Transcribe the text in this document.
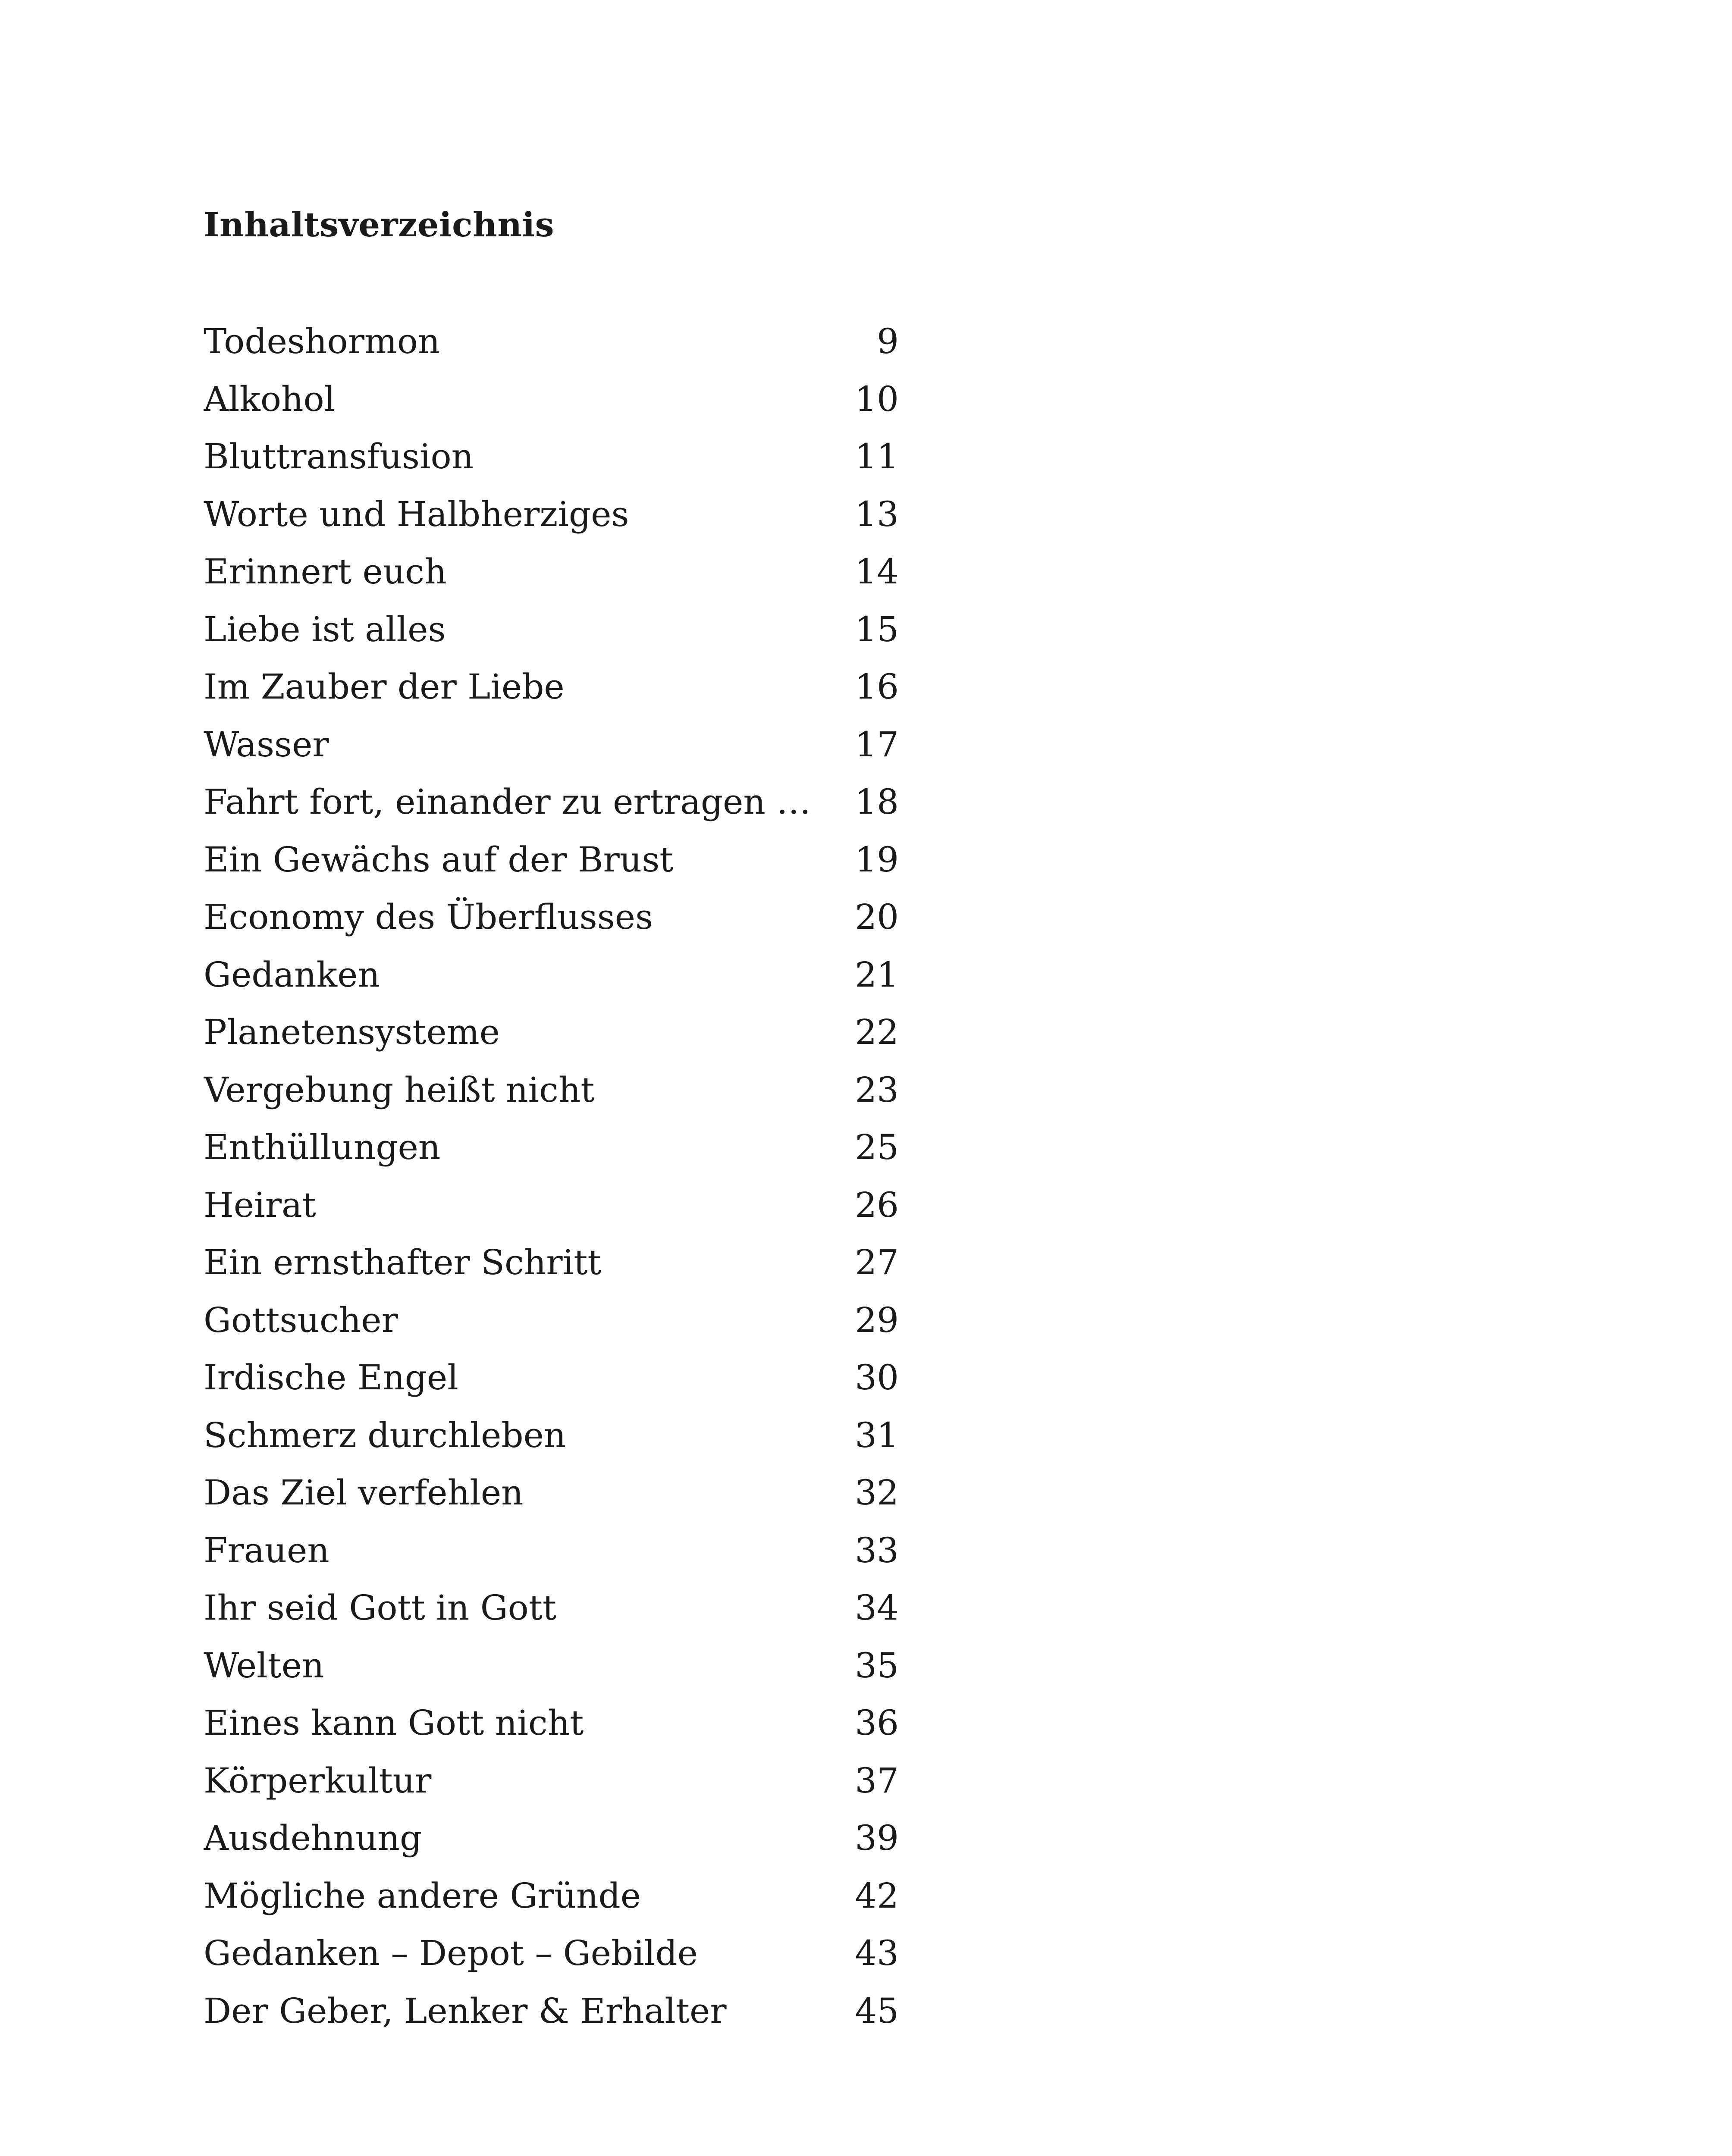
Inhaltsverzeichnis
Todeshormon	9
Alkohol	10
Bluttransfusion	11
Worte und Halbherziges	13
Erinnert euch	14
Liebe ist alles	15
Im Zauber der Liebe	16
Wasser	17
Fahrt fort, einander zu ertragen …	18
Ein Gewächs auf der Brust	19
Economy des Überflusses	20
Gedanken	21
Planetensysteme	22
Vergebung heißt nicht	23
Enthüllungen	25
Heirat	26
Ein ernsthafter Schritt	27
Gottsucher	29
Irdische Engel	30
Schmerz durchleben	31
Das Ziel verfehlen	32
Frauen	33
Ihr seid Gott in Gott	34
Welten	35
Eines kann Gott nicht	36
Körperkultur	37
Ausdehnung	39
Mögliche andere Gründe	42
Gedanken – Depot – Gebilde	43
Der Geber, Lenker & Erhalter	45
